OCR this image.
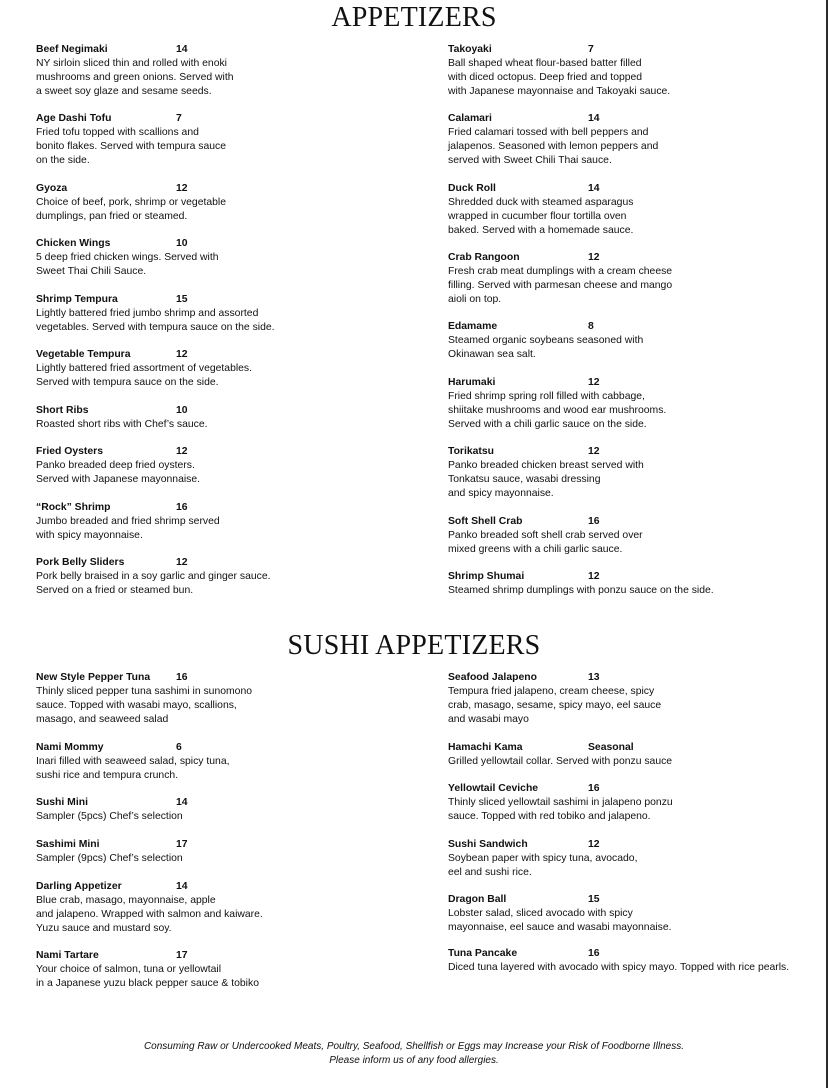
APPETIZERS
Beef Negimaki	14
NY sirloin sliced thin and rolled with enoki
mushrooms and green onions. Served with
a sweet soy glaze and sesame seeds.
Age Dashi Tofu	7
Fried tofu topped with scallions and
bonito flakes. Served with tempura sauce
on the side.
Gyoza	12
Choice of beef, pork, shrimp or vegetable
dumplings, pan fried or steamed.
Chicken Wings	10
5 deep fried chicken wings. Served with
Sweet Thai Chili Sauce.
Shrimp Tempura	15
Lightly battered fried jumbo shrimp and assorted
vegetables. Served with tempura sauce on the side.
Vegetable Tempura	12
Lightly battered fried assortment of vegetables.
Served with tempura sauce on the side.
Short Ribs	10
Roasted short ribs with Chef’s sauce.
Fried Oysters	12
Panko breaded deep fried oysters.
Served with Japanese mayonnaise.
“Rock” Shrimp	16
Jumbo breaded and fried shrimp served
with spicy mayonnaise.
Pork Belly Sliders	12
Pork belly braised in a soy garlic and ginger sauce.
Served on a fried or steamed bun.
Takoyaki	7
Ball shaped wheat flour-based batter filled
with diced octopus. Deep fried and topped
with Japanese mayonnaise and Takoyaki sauce.
Calamari	14
Fried calamari tossed with bell peppers and
jalapenos. Seasoned with lemon peppers and
served with Sweet Chili Thai sauce.
Duck Roll	14
Shredded duck with steamed asparagus
wrapped in cucumber flour tortilla oven
baked. Served with a homemade sauce.
Crab Rangoon	12
Fresh crab meat dumplings with a cream cheese
filling. Served with parmesan cheese and mango
aioli on top.
Edamame	8
Steamed organic soybeans seasoned with
Okinawan sea salt.
Harumaki	12
Fried shrimp spring roll filled with cabbage,
shiitake mushrooms and wood ear mushrooms.
Served with a chili garlic sauce on the side.
Torikatsu	12
Panko breaded chicken breast served with
Tonkatsu sauce, wasabi dressing
and spicy mayonnaise.
Soft Shell Crab	16
Panko breaded soft shell crab served over
mixed greens with a chili garlic sauce.
Shrimp Shumai	12
Steamed shrimp dumplings with ponzu sauce on the side.
SUSHI APPETIZERS
New Style Pepper Tuna	16
Thinly sliced pepper tuna sashimi in sunomono
sauce. Topped with wasabi mayo, scallions,
masago, and seaweed salad
Nami Mommy	6
Inari filled with seaweed salad, spicy tuna,
sushi rice and tempura crunch.
Sushi Mini	14
Sampler (5pcs) Chef’s selection
Sashimi Mini	17
Sampler (9pcs) Chef’s selection
Darling Appetizer	14
Blue crab, masago, mayonnaise, apple
and jalapeno. Wrapped with salmon and kaiware.
Yuzu sauce and mustard soy.
Nami Tartare	17
Your choice of salmon, tuna or yellowtail
in a Japanese yuzu black pepper sauce & tobiko
Seafood Jalapeno	13
Tempura fried jalapeno, cream cheese, spicy
crab, masago, sesame, spicy mayo, eel sauce
and wasabi mayo
Hamachi Kama	Seasonal
Grilled yellowtail collar. Served with ponzu sauce
Yellowtail Ceviche	16
Thinly sliced yellowtail sashimi in jalapeno ponzu
sauce. Topped with red tobiko and jalapeno.
Sushi Sandwich	12
Soybean paper with spicy tuna, avocado,
eel and sushi rice.
Dragon Ball	15
Lobster salad, sliced avocado with spicy
mayonnaise, eel sauce and wasabi mayonnaise.
Tuna Pancake	16
Diced tuna layered with avocado with spicy mayo. Topped with rice pearls.
Consuming Raw or Undercooked Meats, Poultry, Seafood, Shellfish or Eggs may Increase your Risk of Foodborne Illness.
Please inform us of any food allergies.
